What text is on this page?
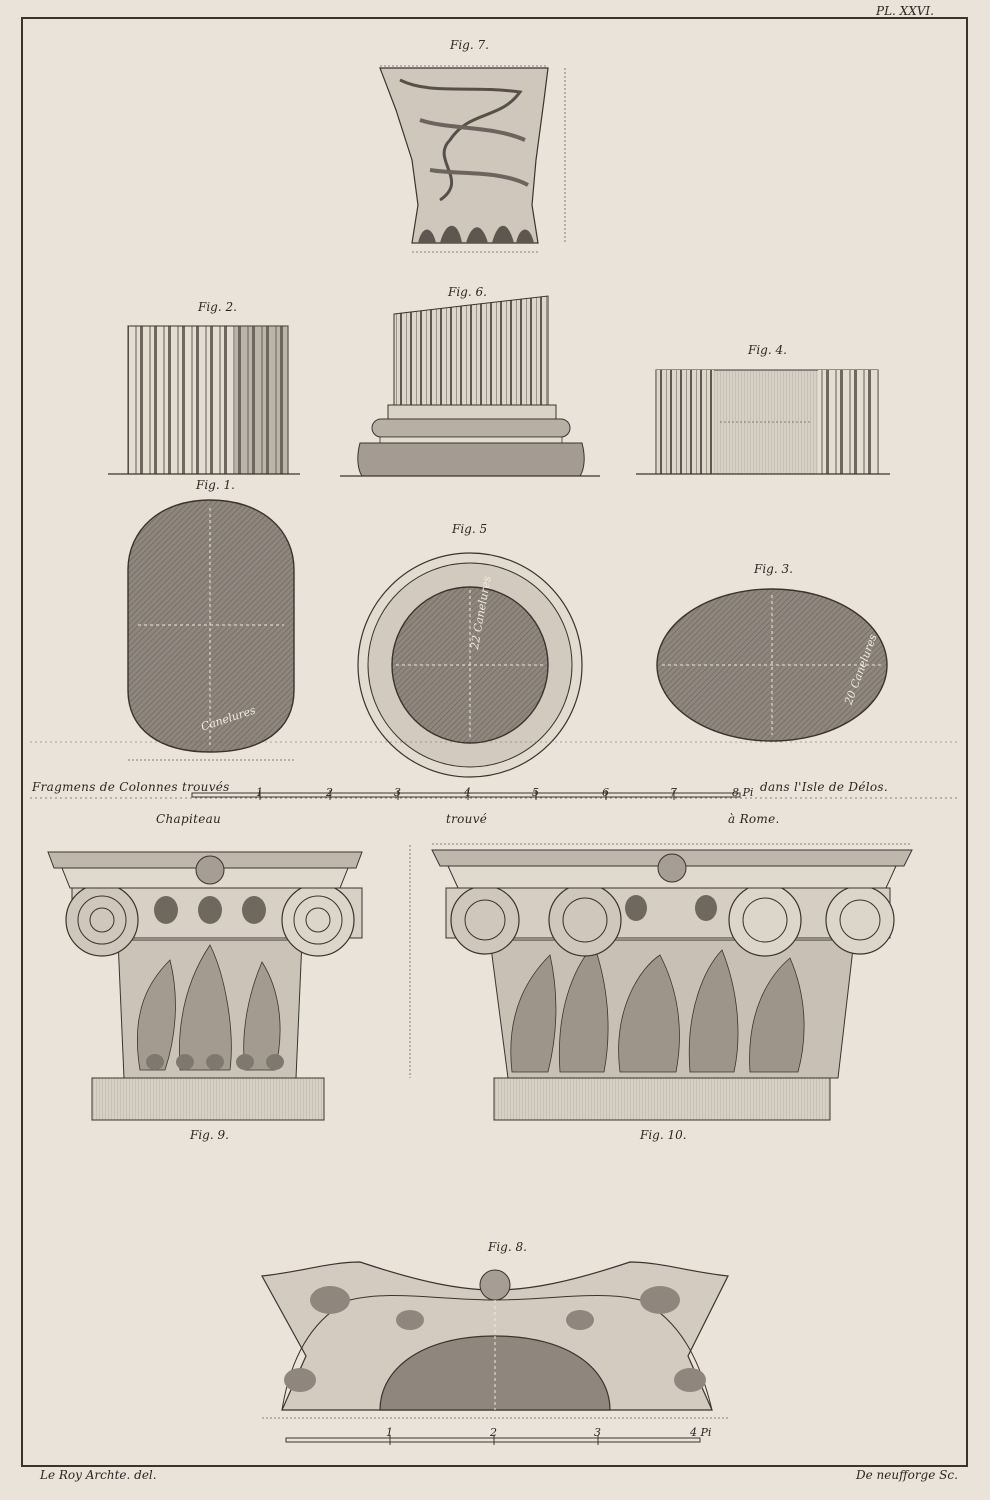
PL. XXVI.
Fig. 7.
Fig. 2.
Fig. 6.
Fig. 4.
Fig. 1.
Fig. 5
Fig. 3.
Canelures
22 Canelures
20 Canelures
Fragmens de Colonnes trouvés	dans l'Isle de Délos.
1	2	3	4	5	6	7	8 Pi
Chapiteau	trouvé	à Rome.
Fig. 9.	Fig. 10.
Fig. 8.
1	2	3	4 Pi
Le Roy Archte. del.	De neufforge Sc.
